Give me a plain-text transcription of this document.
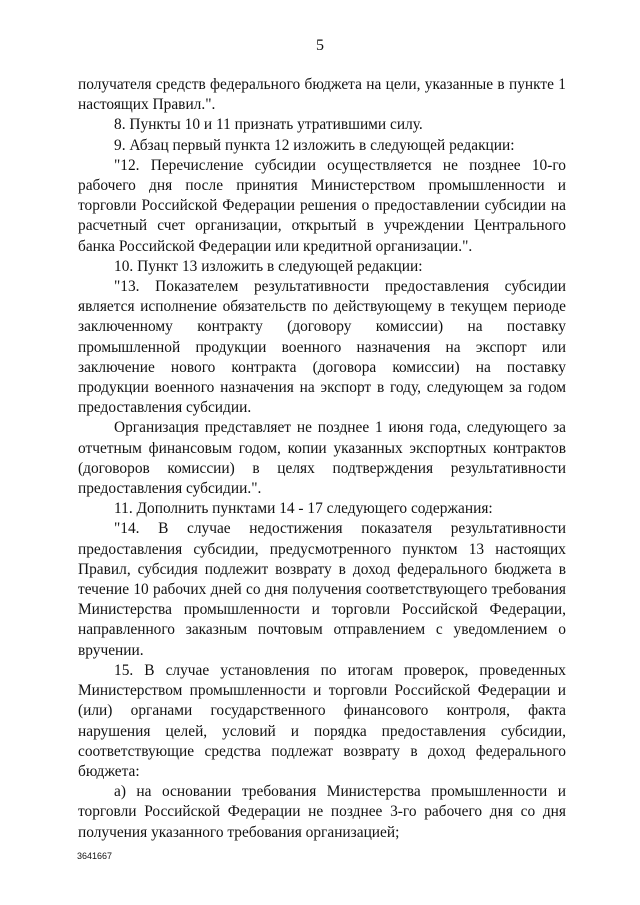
5

получателя средств федерального бюджета на цели, указанные в пункте 1 настоящих Правил.".

8. Пункты 10 и 11 признать утратившими силу.

9. Абзац первый пункта 12 изложить в следующей редакции:

"12. Перечисление субсидии осуществляется не позднее 10-го рабочего дня после принятия Министерством промышленности и торговли Российской Федерации решения о предоставлении субсидии на расчетный счет организации, открытый в учреждении Центрального банка Российской Федерации или кредитной организации.".

10. Пункт 13 изложить в следующей редакции:

"13. Показателем результативности предоставления субсидии является исполнение обязательств по действующему в текущем периоде заключенному контракту (договору комиссии) на поставку промышленной продукции военного назначения на экспорт или заключение нового контракта (договора комиссии) на поставку продукции военного назначения на экспорт в году, следующем за годом предоставления субсидии.

Организация представляет не позднее 1 июня года, следующего за отчетным финансовым годом, копии указанных экспортных контрактов (договоров комиссии) в целях подтверждения результативности предоставления субсидии.".

11. Дополнить пунктами 14 - 17 следующего содержания:

"14. В случае недостижения показателя результативности предоставления субсидии, предусмотренного пунктом 13 настоящих Правил, субсидия подлежит возврату в доход федерального бюджета в течение 10 рабочих дней со дня получения соответствующего требования Министерства промышленности и торговли Российской Федерации, направленного заказным почтовым отправлением с уведомлением о вручении.

15. В случае установления по итогам проверок, проведенных Министерством промышленности и торговли Российской Федерации и (или) органами государственного финансового контроля, факта нарушения целей, условий и порядка предоставления субсидии, соответствующие средства подлежат возврату в доход федерального бюджета:

а) на основании требования Министерства промышленности и торговли Российской Федерации не позднее 3-го рабочего дня со дня получения указанного требования организацией;

3641667
